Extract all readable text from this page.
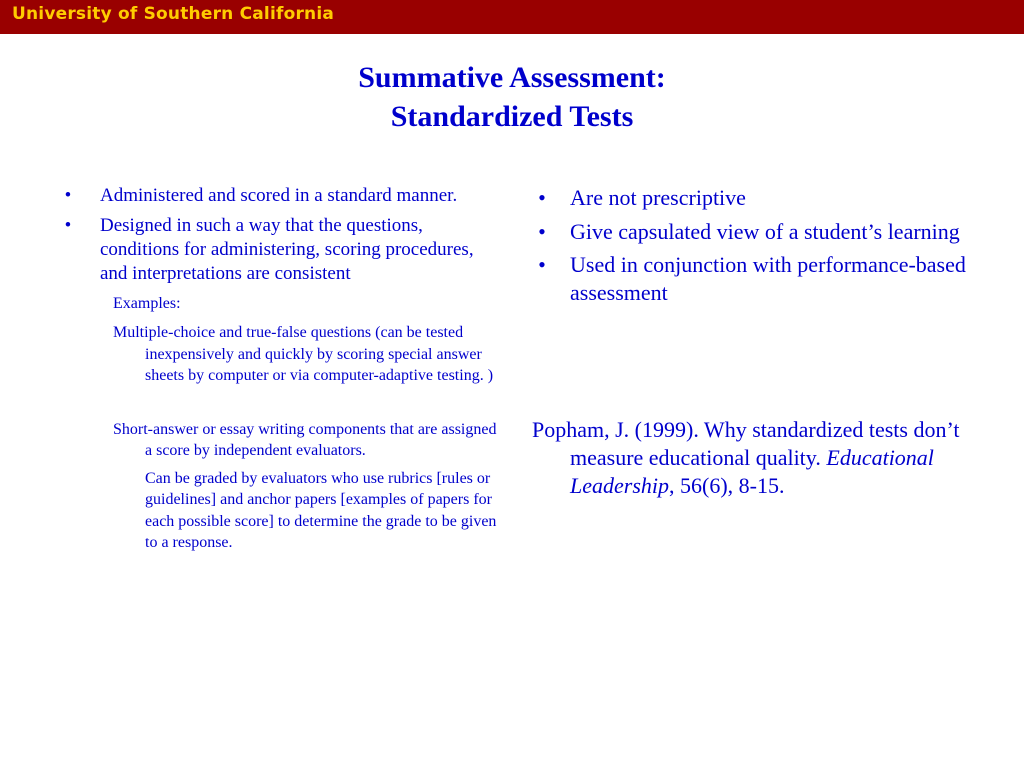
University of Southern California
Summative Assessment:
Standardized Tests
•	Administered and scored in a standard manner.
•	Designed in such a way that the questions, conditions for administering, scoring procedures, and interpretations are consistent
Examples:
Multiple-choice and true-false questions (can be tested inexpensively and quickly by scoring special answer sheets by computer or via computer-adaptive testing. )
Short-answer or essay writing components that are assigned a score by independent evaluators.
Can be graded by evaluators who use rubrics [rules or guidelines] and anchor papers [examples of papers for each possible score] to determine the grade to be given to a response.
• Are not prescriptive
• Give capsulated view of a student’s learning
• Used in conjunction with performance-based assessment
Popham, J. (1999). Why standardized tests don’t measure educational quality. Educational Leadership, 56(6), 8-15.
